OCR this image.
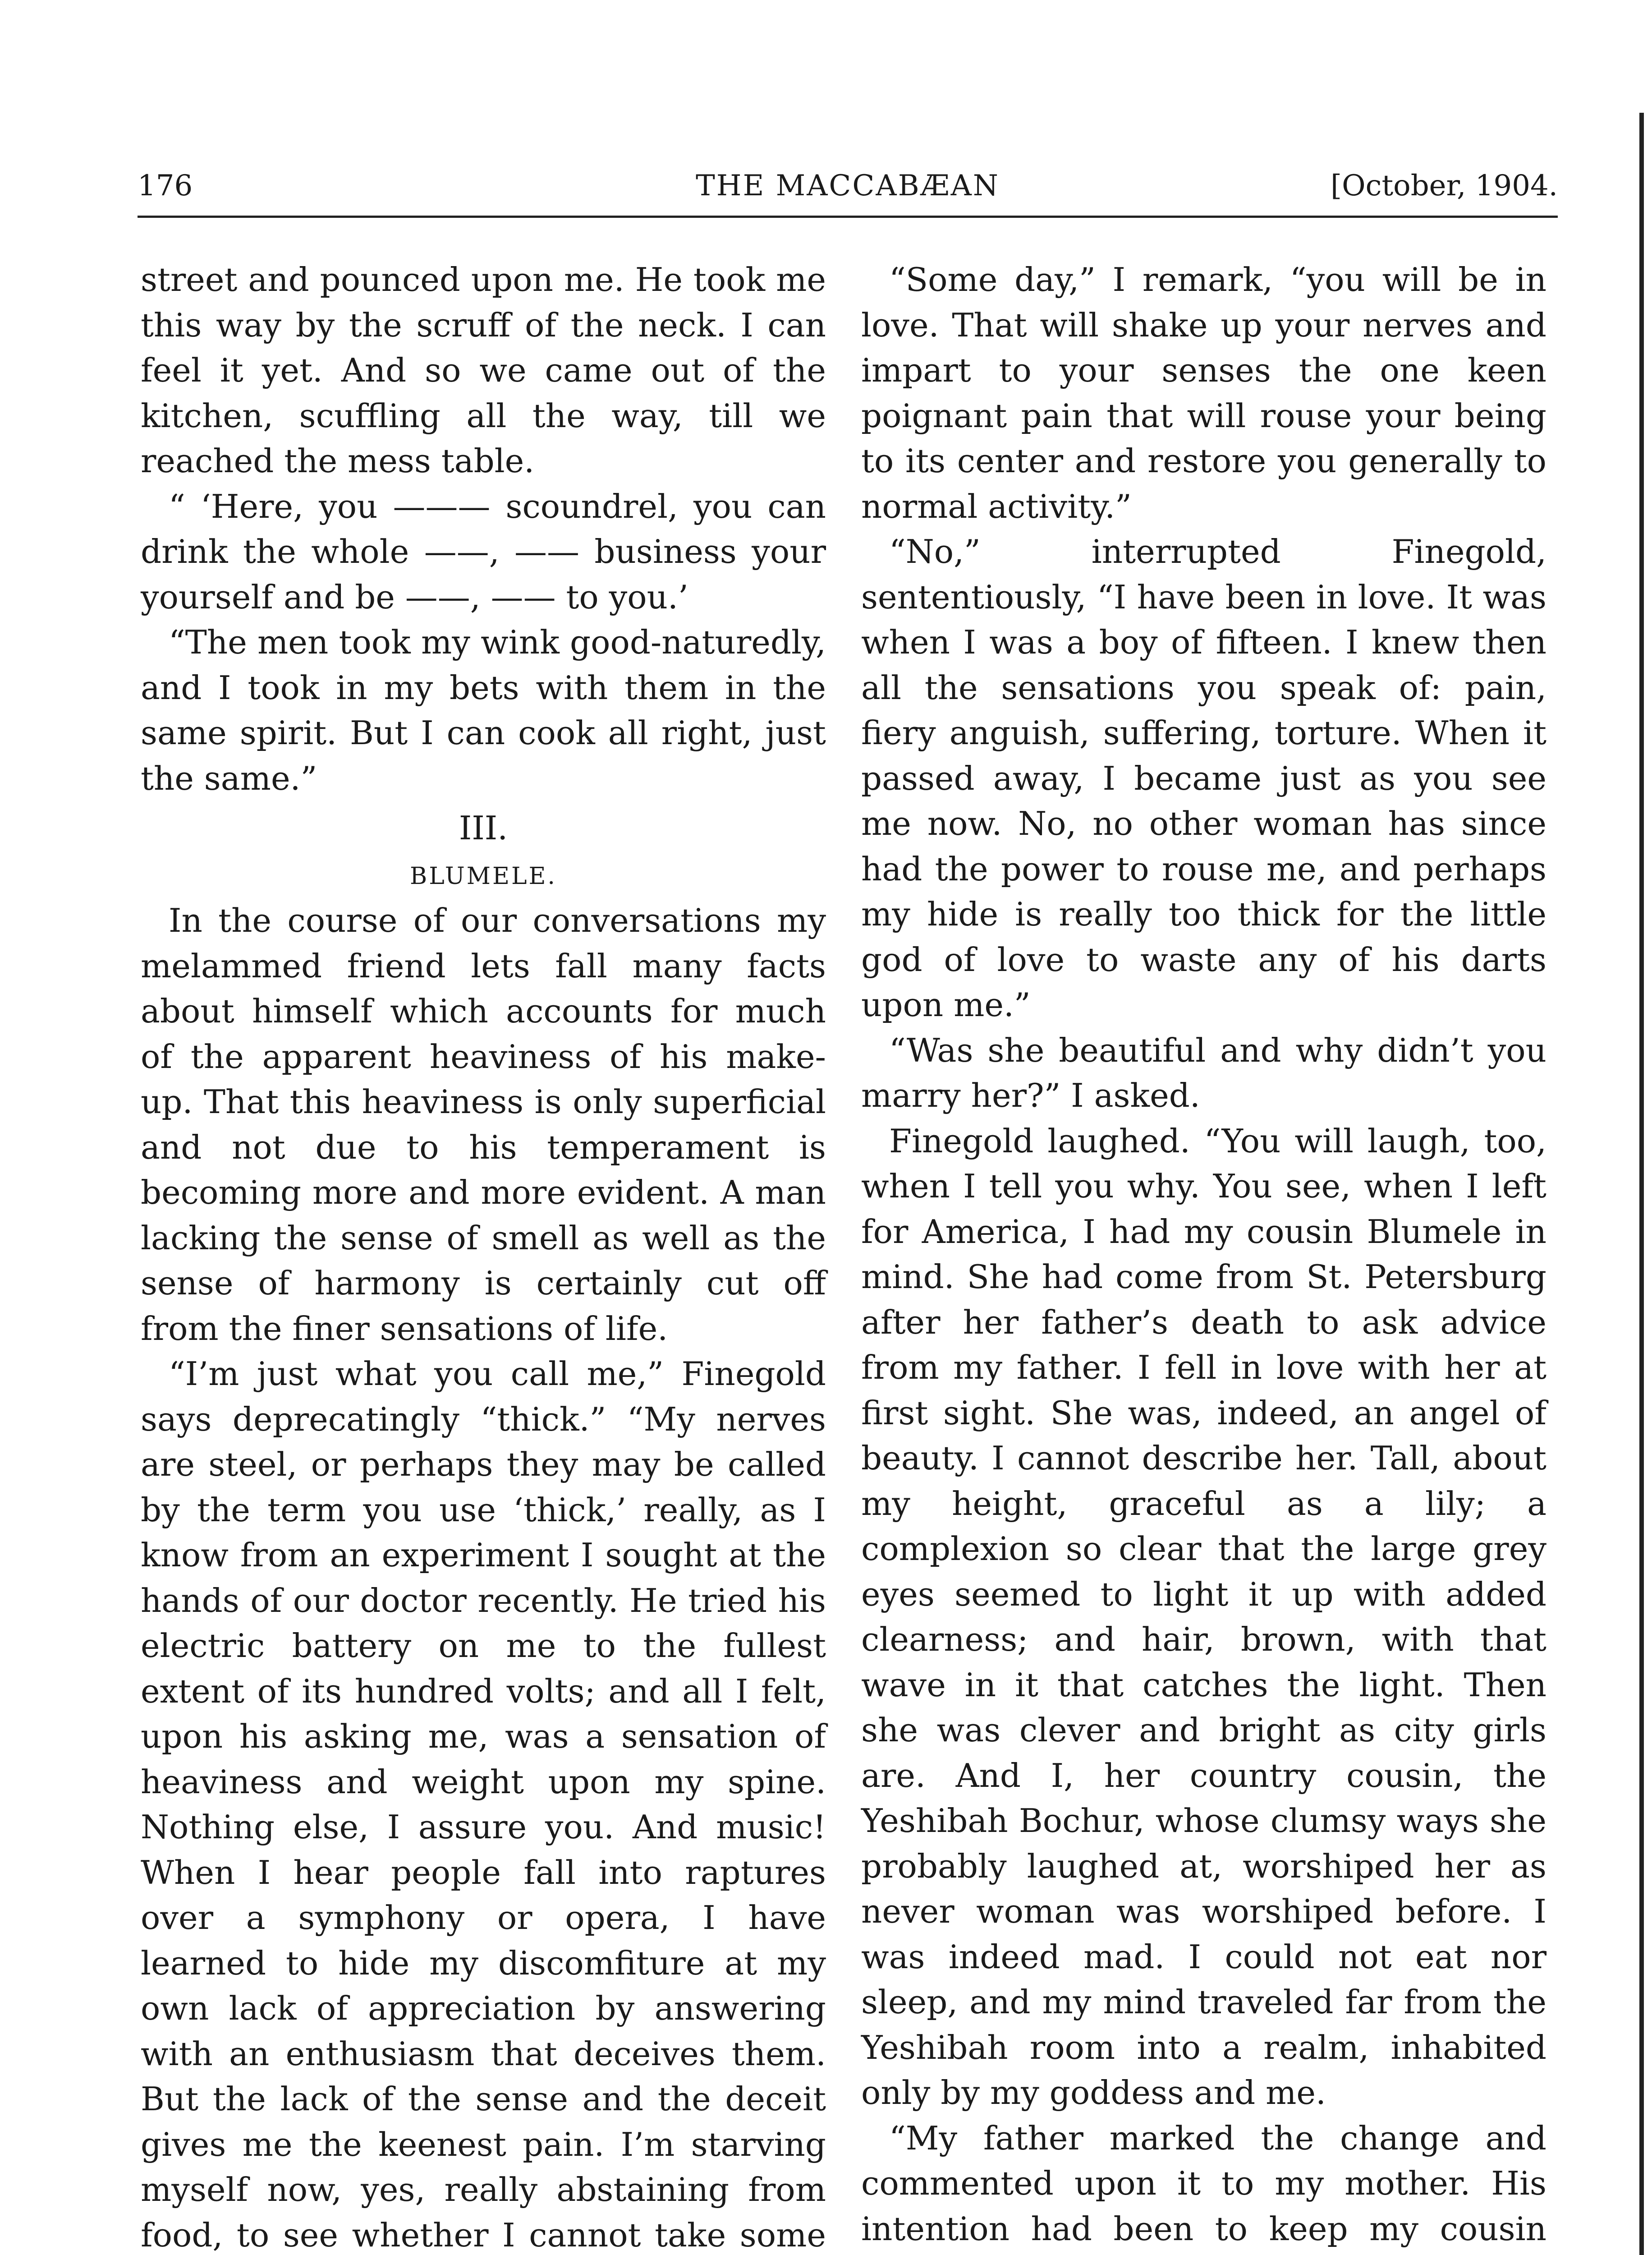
176	THE MACCABÆAN	[October, 1904.

street and pounced upon me. He took me this way by the scruff of the neck. I can feel it yet. And so we came out of the kitchen, scuffling all the way, till we reached the mess table.

“ ‘Here, you ——— scoundrel, you can drink the whole ——, —— business your yourself and be ——, —— to you.’

“The men took my wink good-naturedly, and I took in my bets with them in the same spirit. But I can cook all right, just the same.”

III.

BLUMELE.

In the course of our conversations my melammed friend lets fall many facts about himself which accounts for much of the apparent heaviness of his make-up. That this heaviness is only superficial and not due to his temperament is becoming more and more evident. A man lacking the sense of smell as well as the sense of harmony is certainly cut off from the finer sensations of life.

“I’m just what you call me,” Finegold says deprecatingly “thick.” “My nerves are steel, or perhaps they may be called by the term you use ‘thick,’ really, as I know from an experiment I sought at the hands of our doctor recently. He tried his electric battery on me to the fullest extent of its hundred volts; and all I felt, upon his asking me, was a sensation of heaviness and weight upon my spine. Nothing else, I assure you. And music! When I hear people fall into raptures over a symphony or opera, I have learned to hide my discomfiture at my own lack of appreciation by answering with an enthusiasm that deceives them. But the lack of the sense and the deceit gives me the keenest pain. I’m starving myself now, yes, really abstaining from food, to see whether I cannot take some

“Some day,” I remark, “you will be in love. That will shake up your nerves and impart to your senses the one keen poignant pain that will rouse your being to its center and restore you generally to normal activity.”

“No,” interrupted Finegold, sententiously, “I have been in love. It was when I was a boy of fifteen. I knew then all the sensations you speak of: pain, fiery anguish, suffering, torture. When it passed away, I became just as you see me now. No, no other woman has since had the power to rouse me, and perhaps my hide is really too thick for the little god of love to waste any of his darts upon me.”

“Was she beautiful and why didn’t you marry her?” I asked.

Finegold laughed. “You will laugh, too, when I tell you why. You see, when I left for America, I had my cousin Blumele in mind. She had come from St. Petersburg after her father’s death to ask advice from my father. I fell in love with her at first sight. She was, indeed, an angel of beauty. I cannot describe her. Tall, about my height, graceful as a lily; a complexion so clear that the large grey eyes seemed to light it up with added clearness; and hair, brown, with that wave in it that catches the light. Then she was clever and bright as city girls are. And I, her country cousin, the Yeshibah Bochur, whose clumsy ways she probably laughed at, worshiped her as never woman was worshiped before. I was indeed mad. I could not eat nor sleep, and my mind traveled far from the Yeshibah room into a realm, inhabited only by my goddess and me.

“My father marked the change and commented upon it to my mother. His intention had been to keep my cousin
